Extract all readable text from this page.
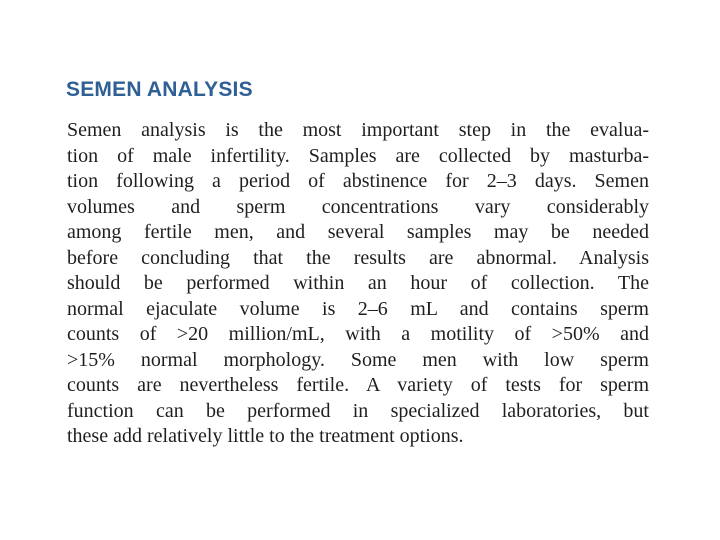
SEMEN ANALYSIS
Semen analysis is the most important step in the evalua-
tion of male infertility. Samples are collected by masturba-
tion following a period of abstinence for 2–3 days. Semen
volumes and sperm concentrations vary considerably
among fertile men, and several samples may be needed
before concluding that the results are abnormal. Analysis
should be performed within an hour of collection. The
normal ejaculate volume is 2–6 mL and contains sperm
counts of >20 million/mL, with a motility of >50% and
>15% normal morphology. Some men with low sperm
counts are nevertheless fertile. A variety of tests for sperm
function can be performed in specialized laboratories, but
these add relatively little to the treatment options.
